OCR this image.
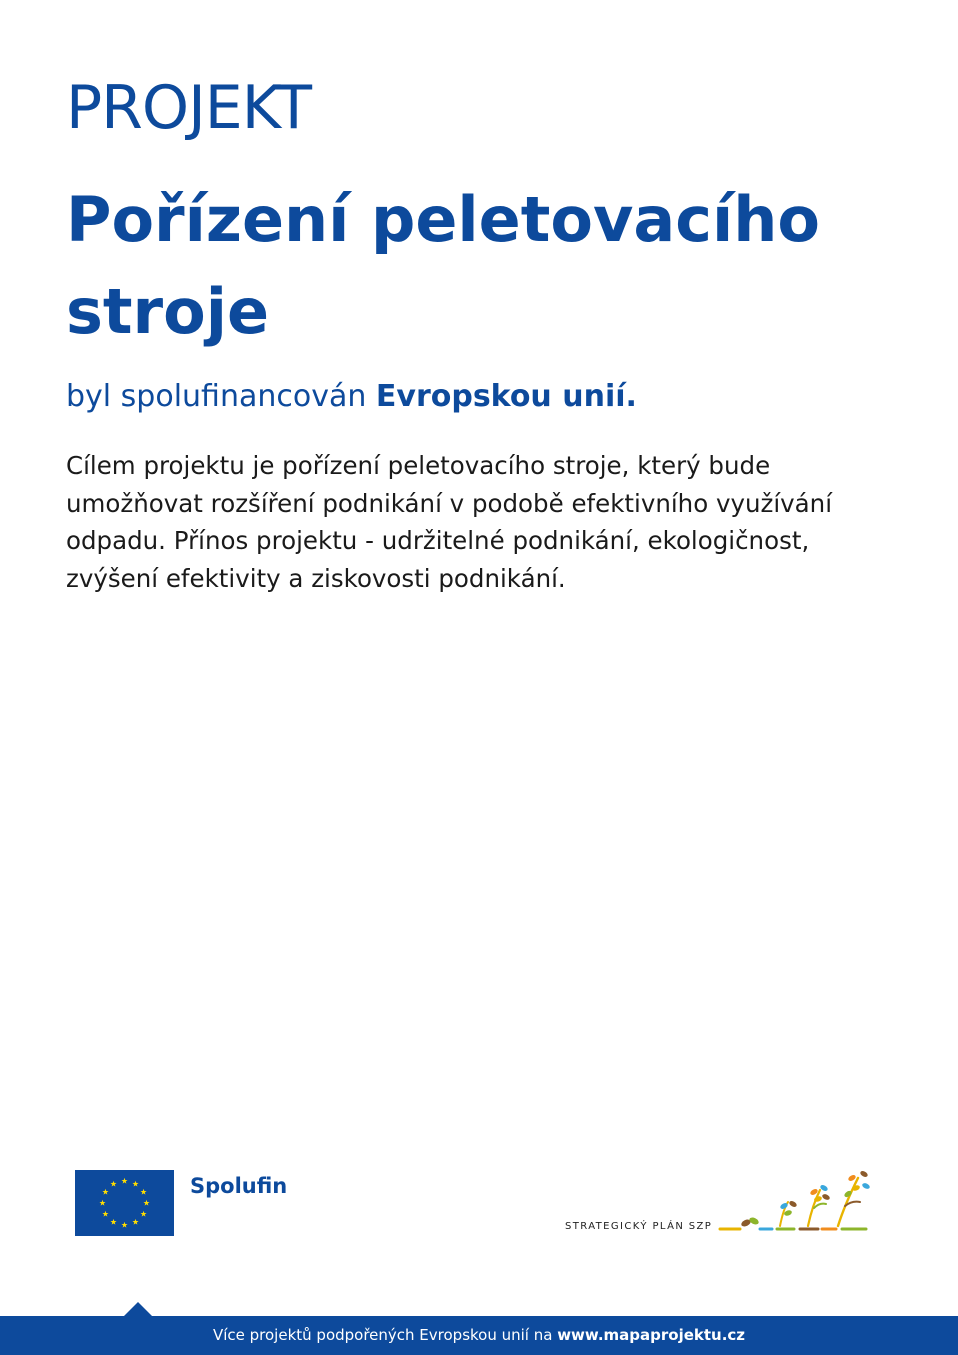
PROJEKT
Pořízení peletovacího stroje

byl spolufinancován Evropskou unií.

Cílem projektu je pořízení peletovacího stroje, který bude umožňovat rozšíření podnikání v podobě efektivního využívání odpadu. Přínos projektu - udržitelné podnikání, ekologičnost, zvýšení efektivity a ziskovosti podnikání.

Spolufin

STRATEGICKÝ PLÁN SZP
Více projektů podpořených Evropskou unií na www.mapaprojektu.cz
